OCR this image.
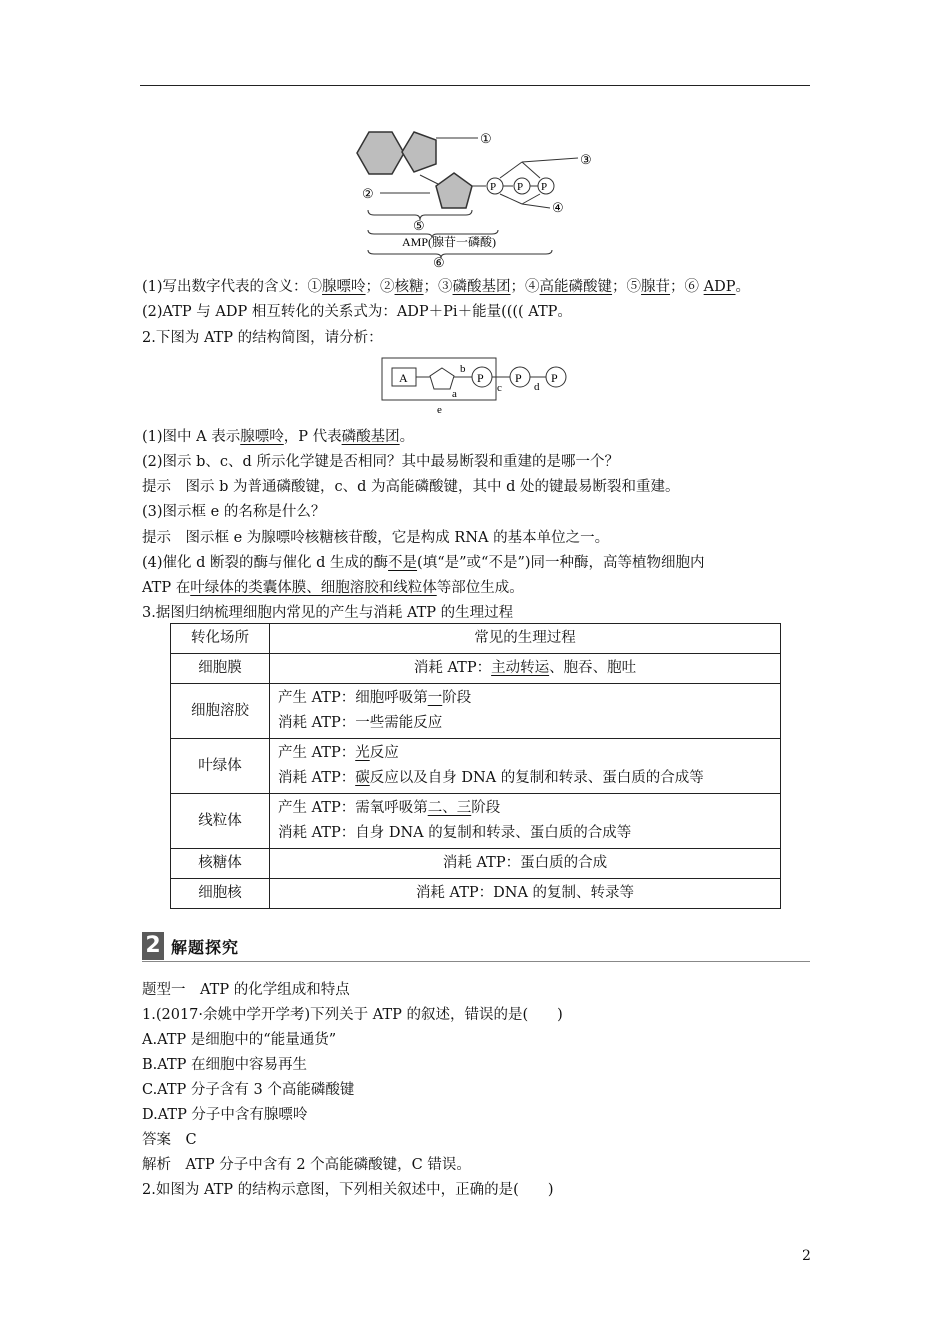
①
P P P
③
④
②
⑤
AMP(腺苷一磷酸)
⑥
(1)写出数字代表的含义：①腺嘌呤；②核糖；③磷酸基团；④高能磷酸键；⑤腺苷；⑥ ADP。
(2)ATP 与 ADP 相互转化的关系式为：ADP＋Pi＋能量(((( ATP。
2.下图为 ATP 的结构简图，请分析：
A
b
a
P
c
P
d
P
e
(1)图中 A 表示腺嘌呤，P 代表磷酸基团。
(2)图示 b、c、d 所示化学键是否相同？其中最易断裂和重建的是哪一个？
提示　图示 b 为普通磷酸键，c、d 为高能磷酸键，其中 d 处的键最易断裂和重建。
(3)图示框 e 的名称是什么？
提示　图示框 e 为腺嘌呤核糖核苷酸，它是构成 RNA 的基本单位之一。
(4)催化 d 断裂的酶与催化 d 生成的酶不是(填“是”或“不是”)同一种酶，高等植物细胞内
ATP 在叶绿体的类囊体膜、细胞溶胶和线粒体等部位生成。
3.据图归纳梳理细胞内常见的产生与消耗 ATP 的生理过程
转化场所	常见的生理过程
细胞膜	消耗 ATP：主动转运、胞吞、胞吐
细胞溶胶	产生 ATP：细胞呼吸第一阶段
消耗 ATP：一些需能反应

叶绿体	产生 ATP：光反应
消耗 ATP：碳反应以及自身 DNA 的复制和转录、蛋白质的合成等

线粒体	产生 ATP：需氧呼吸第二、三阶段
消耗 ATP：自身 DNA 的复制和转录、蛋白质的合成等

核糖体	消耗 ATP：蛋白质的合成
细胞核	消耗 ATP：DNA 的复制、转录等
2 解题探究
题型一　ATP 的化学组成和特点
1.(2017·余姚中学开学考)下列关于 ATP 的叙述，错误的是(　　)
A.ATP 是细胞中的“能量通货”
B.ATP 在细胞中容易再生
C.ATP 分子含有 3 个高能磷酸键
D.ATP 分子中含有腺嘌呤
答案　C
解析　ATP 分子中含有 2 个高能磷酸键，C 错误。
2.如图为 ATP 的结构示意图，下列相关叙述中，正确的是(　　)
2
